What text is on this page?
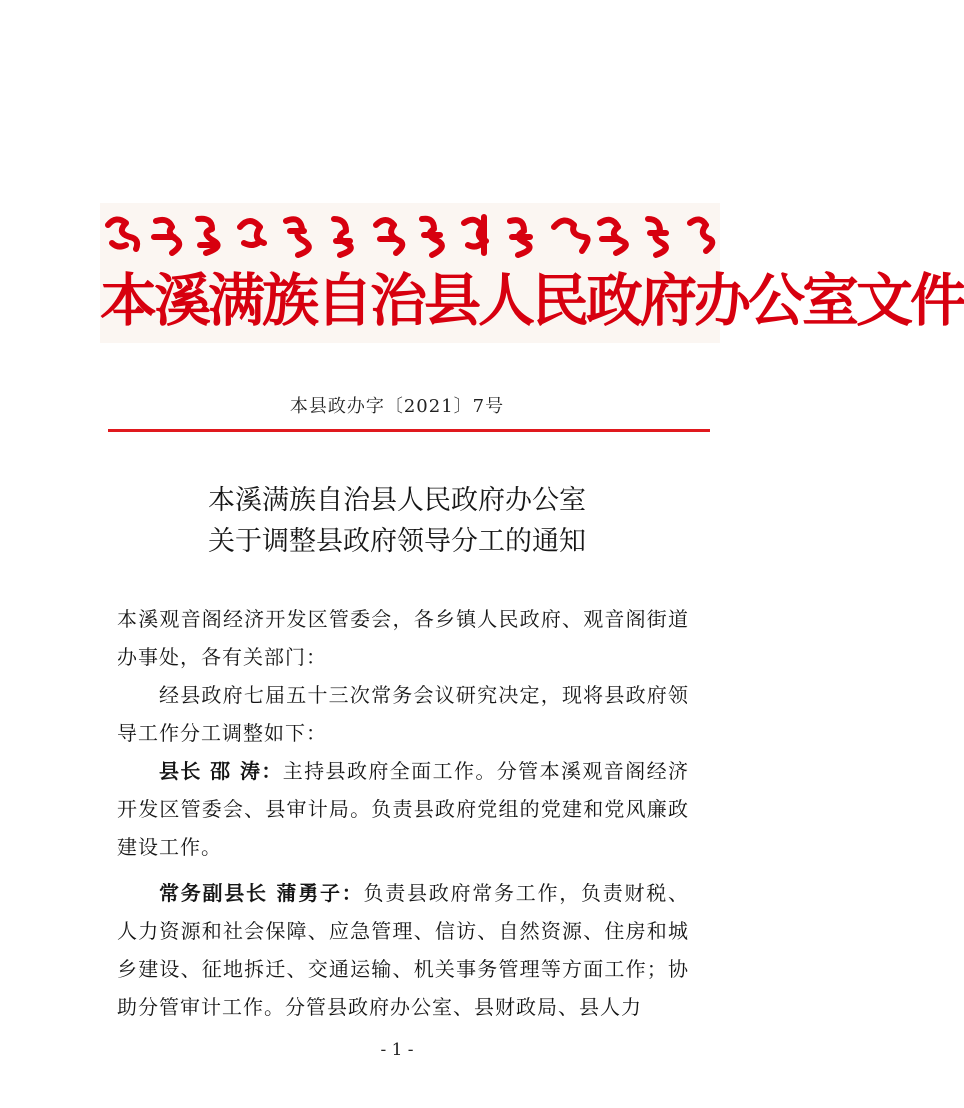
本溪满族自治县人民政府办公室文件
本县政办字〔2021〕7号
本溪满族自治县人民政府办公室
关于调整县政府领导分工的通知

本溪观音阁经济开发区管委会，各乡镇人民政府、观音阁街道办事处，各有关部门：

经县政府七届五十三次常务会议研究决定，现将县政府领导工作分工调整如下：

县长 邵 涛：主持县政府全面工作。分管本溪观音阁经济开发区管委会、县审计局。负责县政府党组的党建和党风廉政建设工作。

常务副县长 蒲勇子：负责县政府常务工作，负责财税、人力资源和社会保障、应急管理、信访、自然资源、住房和城乡建设、征地拆迁、交通运输、机关事务管理等方面工作；协助分管审计工作。分管县政府办公室、县财政局、县人力

- 1 -
